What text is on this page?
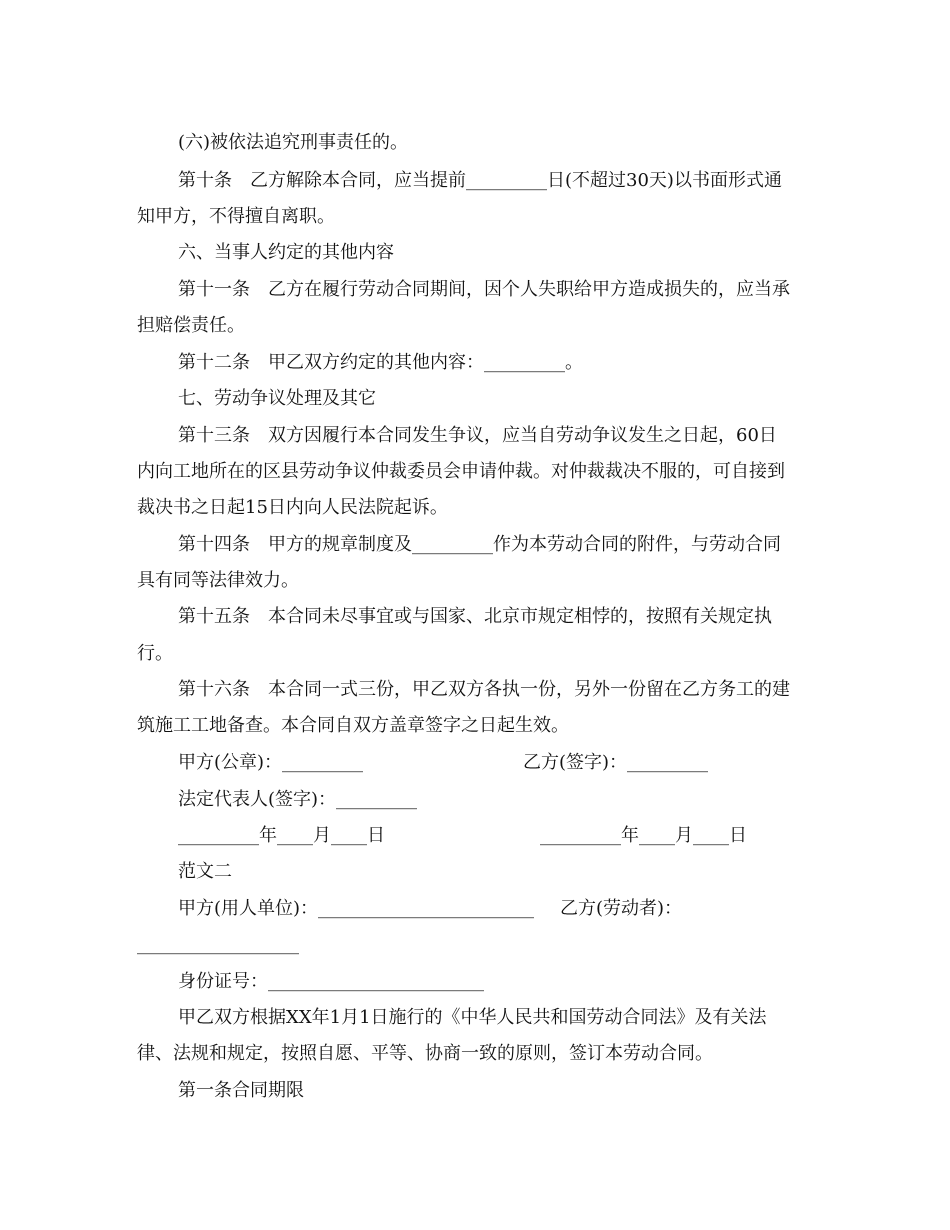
(六)被依法追究刑事责任的。
第十条　乙方解除本合同，应当提前_________日(不超过30天)以书面形式通
知甲方，不得擅自离职。
六、当事人约定的其他内容
第十一条　乙方在履行劳动合同期间，因个人失职给甲方造成损失的，应当承
担赔偿责任。
第十二条　甲乙双方约定的其他内容：_________。
七、劳动争议处理及其它
第十三条　双方因履行本合同发生争议，应当自劳动争议发生之日起，60日
内向工地所在的区县劳动争议仲裁委员会申请仲裁。对仲裁裁决不服的，可自接到
裁决书之日起15日内向人民法院起诉。
第十四条　甲方的规章制度及_________作为本劳动合同的附件，与劳动合同
具有同等法律效力。
第十五条　本合同未尽事宜或与国家、北京市规定相悖的，按照有关规定执
行。
第十六条　本合同一式三份，甲乙双方各执一份，另外一份留在乙方务工的建
筑施工工地备查。本合同自双方盖章签字之日起生效。
甲方(公章)：_________	乙方(签字)：_________
法定代表人(签字)：_________
_________年____月____日	_________年____月____日
范文二
甲方(用人单位)：________________________ 乙方(劳动者)：
__________________
身份证号：________________________
甲乙双方根据XX年1月1日施行的《中华人民共和国劳动合同法》及有关法
律、法规和规定，按照自愿、平等、协商一致的原则，签订本劳动合同。
第一条合同期限
